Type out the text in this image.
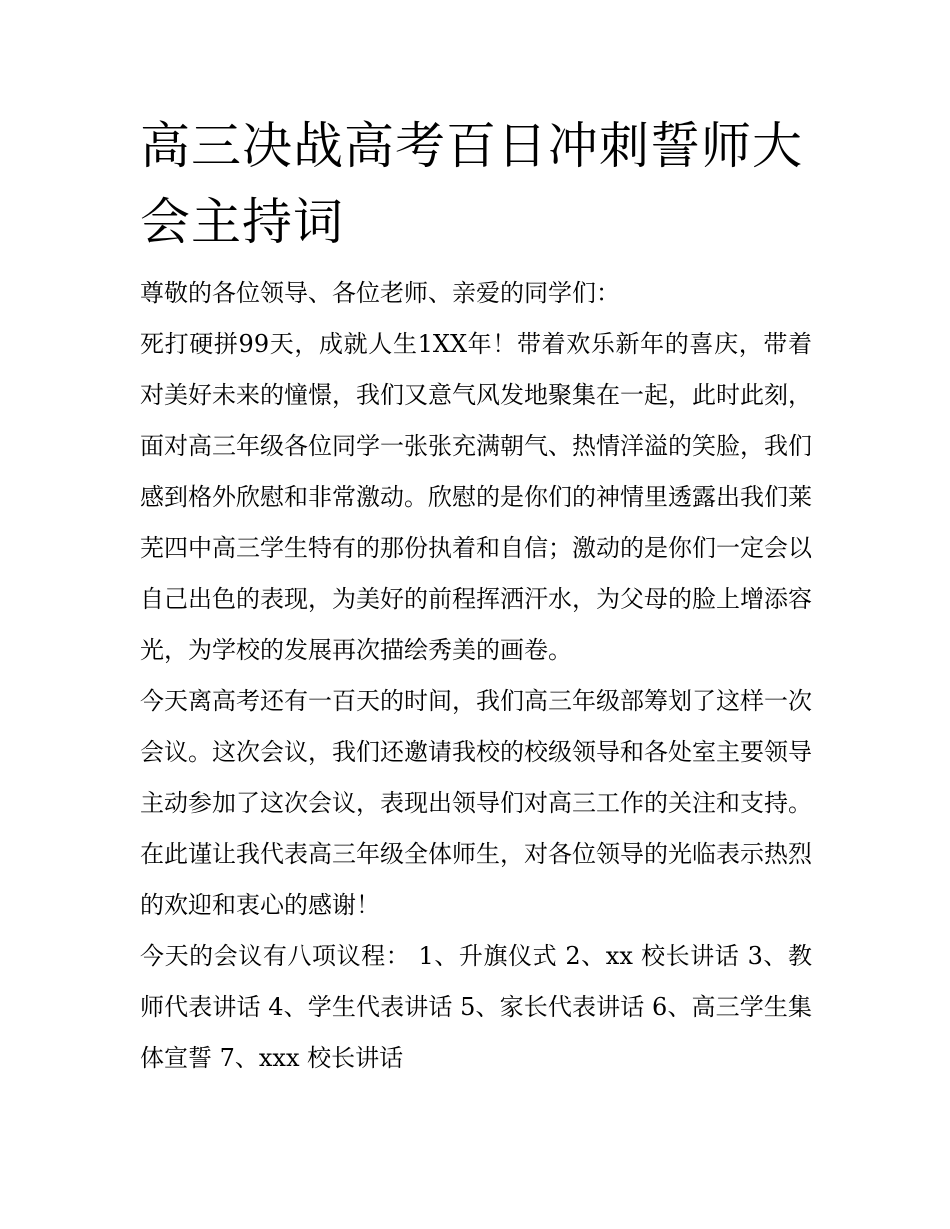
高三决战高考百日冲刺誓师大会主持词

尊敬的各位领导、各位老师、亲爱的同学们：

死打硬拼99天，成就人生1XX年！带着欢乐新年的喜庆，带着对美好未来的憧憬，我们又意气风发地聚集在一起，此时此刻，面对高三年级各位同学一张张充满朝气、热情洋溢的笑脸，我们感到格外欣慰和非常激动。欣慰的是你们的神情里透露出我们莱芜四中高三学生特有的那份执着和自信；激动的是你们一定会以自己出色的表现，为美好的前程挥洒汗水，为父母的脸上增添容光，为学校的发展再次描绘秀美的画卷。

今天离高考还有一百天的时间，我们高三年级部筹划了这样一次会议。这次会议，我们还邀请我校的校级领导和各处室主要领导主动参加了这次会议，表现出领导们对高三工作的关注和支持。在此谨让我代表高三年级全体师生，对各位领导的光临表示热烈的欢迎和衷心的感谢！

今天的会议有八项议程： 1、升旗仪式 2、xx 校长讲话 3、教师代表讲话 4、学生代表讲话 5、家长代表讲话 6、高三学生集体宣誓 7、xxx 校长讲话
